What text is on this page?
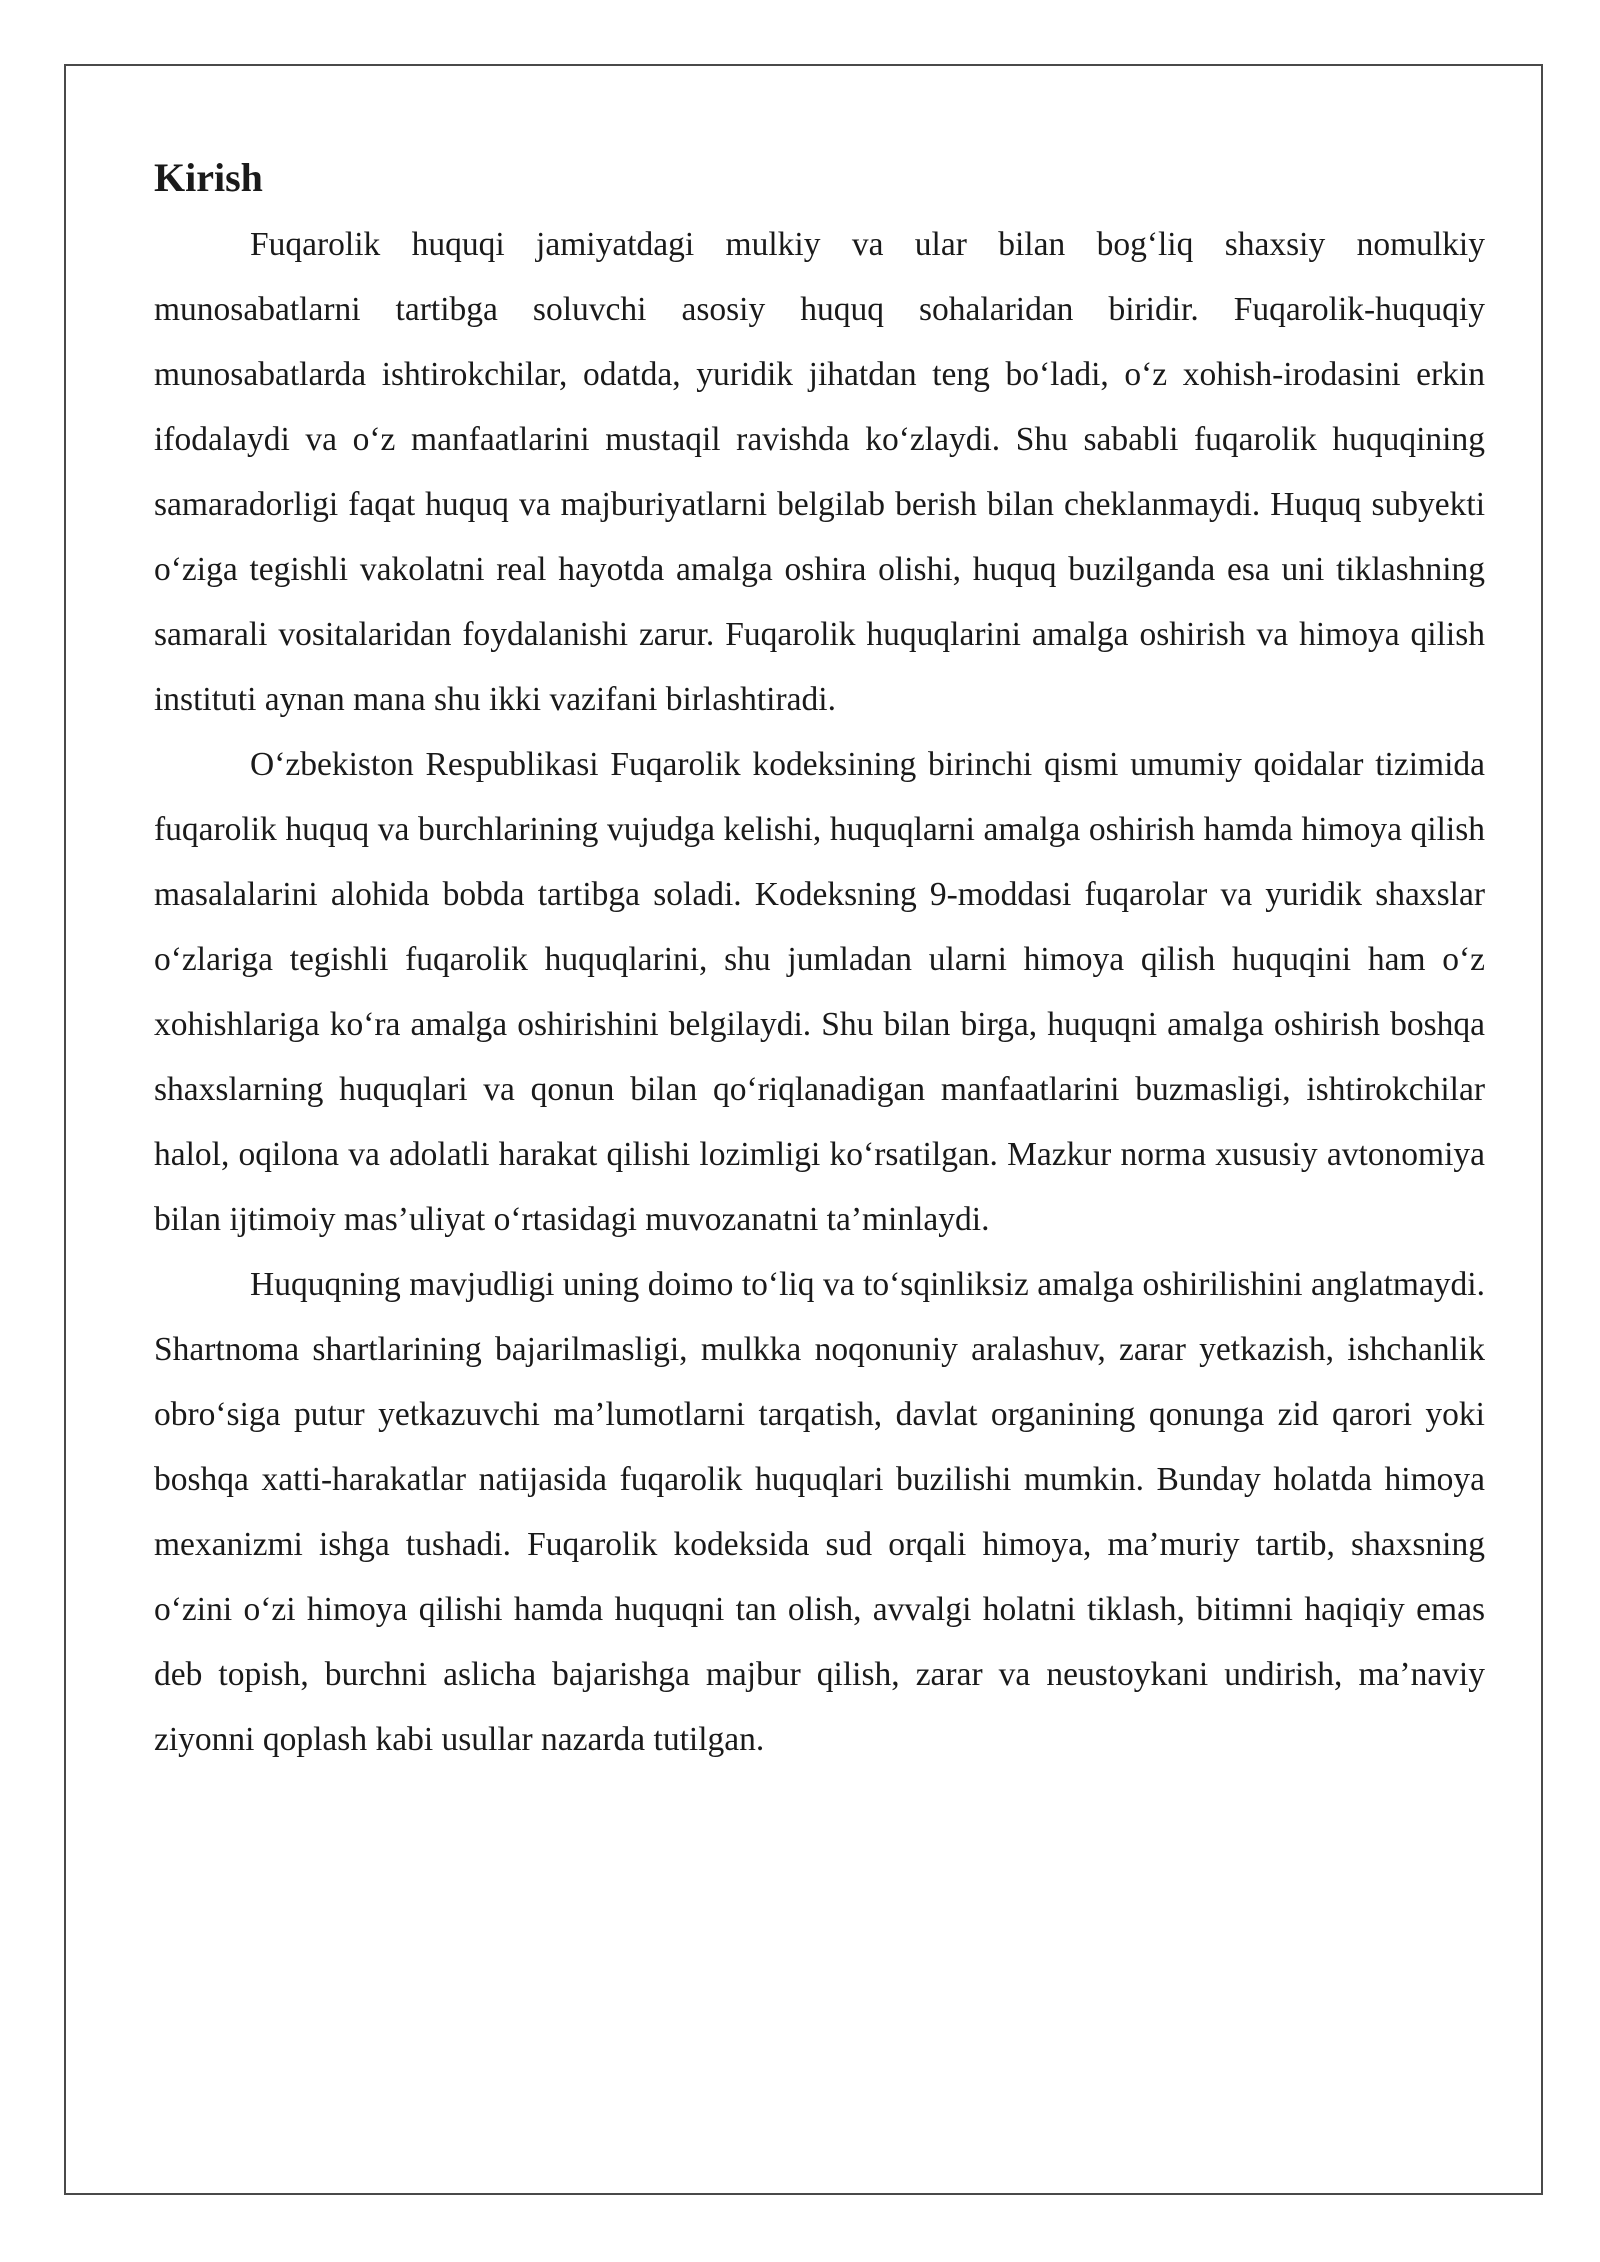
Kirish

Fuqarolik huquqi jamiyatdagi mulkiy va ular bilan bog‘liq shaxsiy nomulkiy munosabatlarni tartibga soluvchi asosiy huquq sohalaridan biridir. Fuqarolik-huquqiy munosabatlarda ishtirokchilar, odatda, yuridik jihatdan teng bo‘ladi, o‘z xohish-irodasini erkin ifodalaydi va o‘z manfaatlarini mustaqil ravishda ko‘zlaydi. Shu sababli fuqarolik huquqining samaradorligi faqat huquq va majburiyatlarni belgilab berish bilan cheklanmaydi. Huquq subyekti o‘ziga tegishli vakolatni real hayotda amalga oshira olishi, huquq buzilganda esa uni tiklashning samarali vositalaridan foydalanishi zarur. Fuqarolik huquqlarini amalga oshirish va himoya qilish instituti aynan mana shu ikki vazifani birlashtiradi.

O‘zbekiston Respublikasi Fuqarolik kodeksining birinchi qismi umumiy qoidalar tizimida fuqarolik huquq va burchlarining vujudga kelishi, huquqlarni amalga oshirish hamda himoya qilish masalalarini alohida bobda tartibga soladi. Kodeksning 9-moddasi fuqarolar va yuridik shaxslar o‘zlariga tegishli fuqarolik huquqlarini, shu jumladan ularni himoya qilish huquqini ham o‘z xohishlariga ko‘ra amalga oshirishini belgilaydi. Shu bilan birga, huquqni amalga oshirish boshqa shaxslarning huquqlari va qonun bilan qo‘riqlanadigan manfaatlarini buzmasligi, ishtirokchilar halol, oqilona va adolatli harakat qilishi lozimligi ko‘rsatilgan. Mazkur norma xususiy avtonomiya bilan ijtimoiy mas’uliyat o‘rtasidagi muvozanatni ta’minlaydi.

Huquqning mavjudligi uning doimo to‘liq va to‘sqinliksiz amalga oshirilishini anglatmaydi. Shartnoma shartlarining bajarilmasligi, mulkka noqonuniy aralashuv, zarar yetkazish, ishchanlik obro‘siga putur yetkazuvchi ma’lumotlarni tarqatish, davlat organining qonunga zid qarori yoki boshqa xatti-harakatlar natijasida fuqarolik huquqlari buzilishi mumkin. Bunday holatda himoya mexanizmi ishga tushadi. Fuqarolik kodeksida sud orqali himoya, ma’muriy tartib, shaxsning o‘zini o‘zi himoya qilishi hamda huquqni tan olish, avvalgi holatni tiklash, bitimni haqiqiy emas deb topish, burchni aslicha bajarishga majbur qilish, zarar va neustoykani undirish, ma’naviy ziyonni qoplash kabi usullar nazarda tutilgan.
